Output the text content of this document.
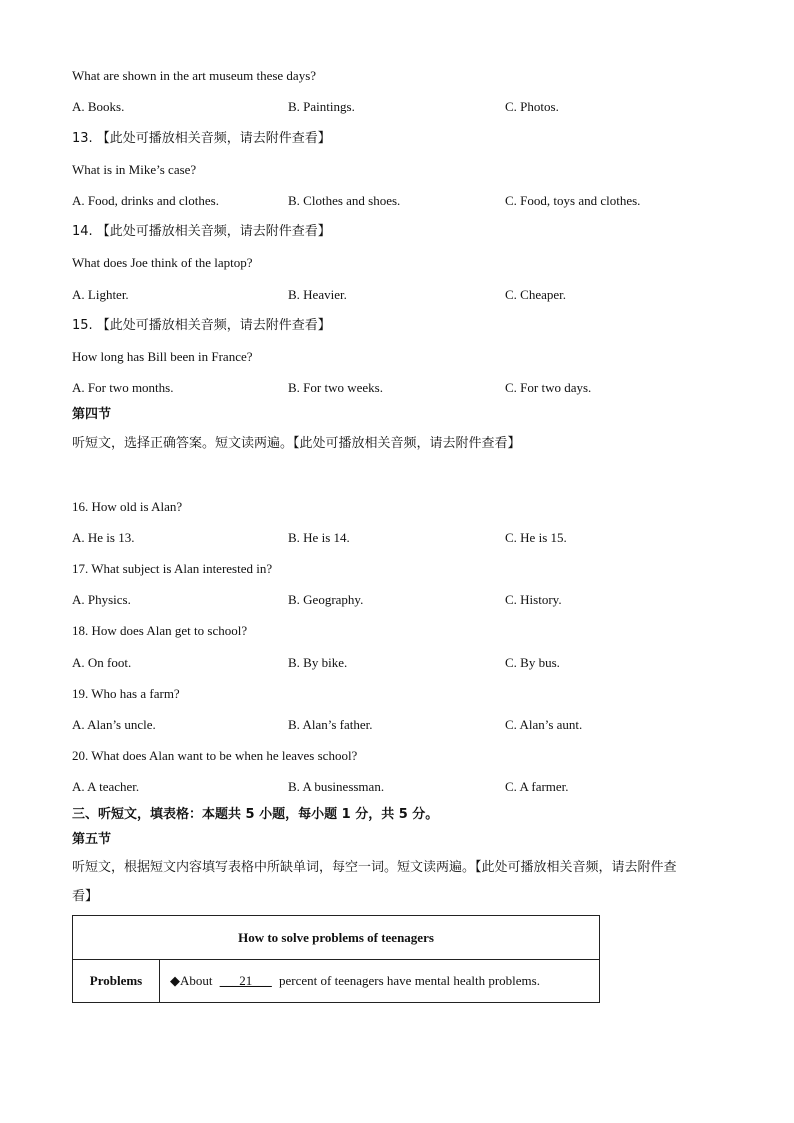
What are shown in the art museum these days?
A. Books.	B. Paintings.	C. Photos.
13. 【此处可播放相关音频，请去附件查看】
What is in Mike’s case?
A. Food, drinks and clothes.	B. Clothes and shoes.	C. Food, toys and clothes.
14. 【此处可播放相关音频，请去附件查看】
What does Joe think of the laptop?
A. Lighter.	B. Heavier.	C. Cheaper.
15. 【此处可播放相关音频，请去附件查看】
How long has Bill been in France?
A. For two months.	B. For two weeks.	C. For two days.
第四节
听短文，选择正确答案。短文读两遍。【此处可播放相关音频，请去附件查看】
16. How old is Alan?
A. He is 13.	B. He is 14.	C. He is 15.
17. What subject is Alan interested in?
A. Physics.	B. Geography.	C. History.
18. How does Alan get to school?
A. On foot.	B. By bike.	C. By bus.
19. Who has a farm?
A. Alan’s uncle.	B. Alan’s father.	C. Alan’s aunt.
20. What does Alan want to be when he leaves school?
A. A teacher.	B. A businessman.	C. A farmer.
三、听短文，填表格：本题共 5 小题，每小题 1 分，共 5 分。
第五节
听短文，根据短文内容填写表格中所缺单词，每空一词。短文读两遍。【此处可播放相关音频，请去附件查
看】
How to solve problems of teenagers
Problems	◆About ___21___ percent of teenagers have mental health problems.
